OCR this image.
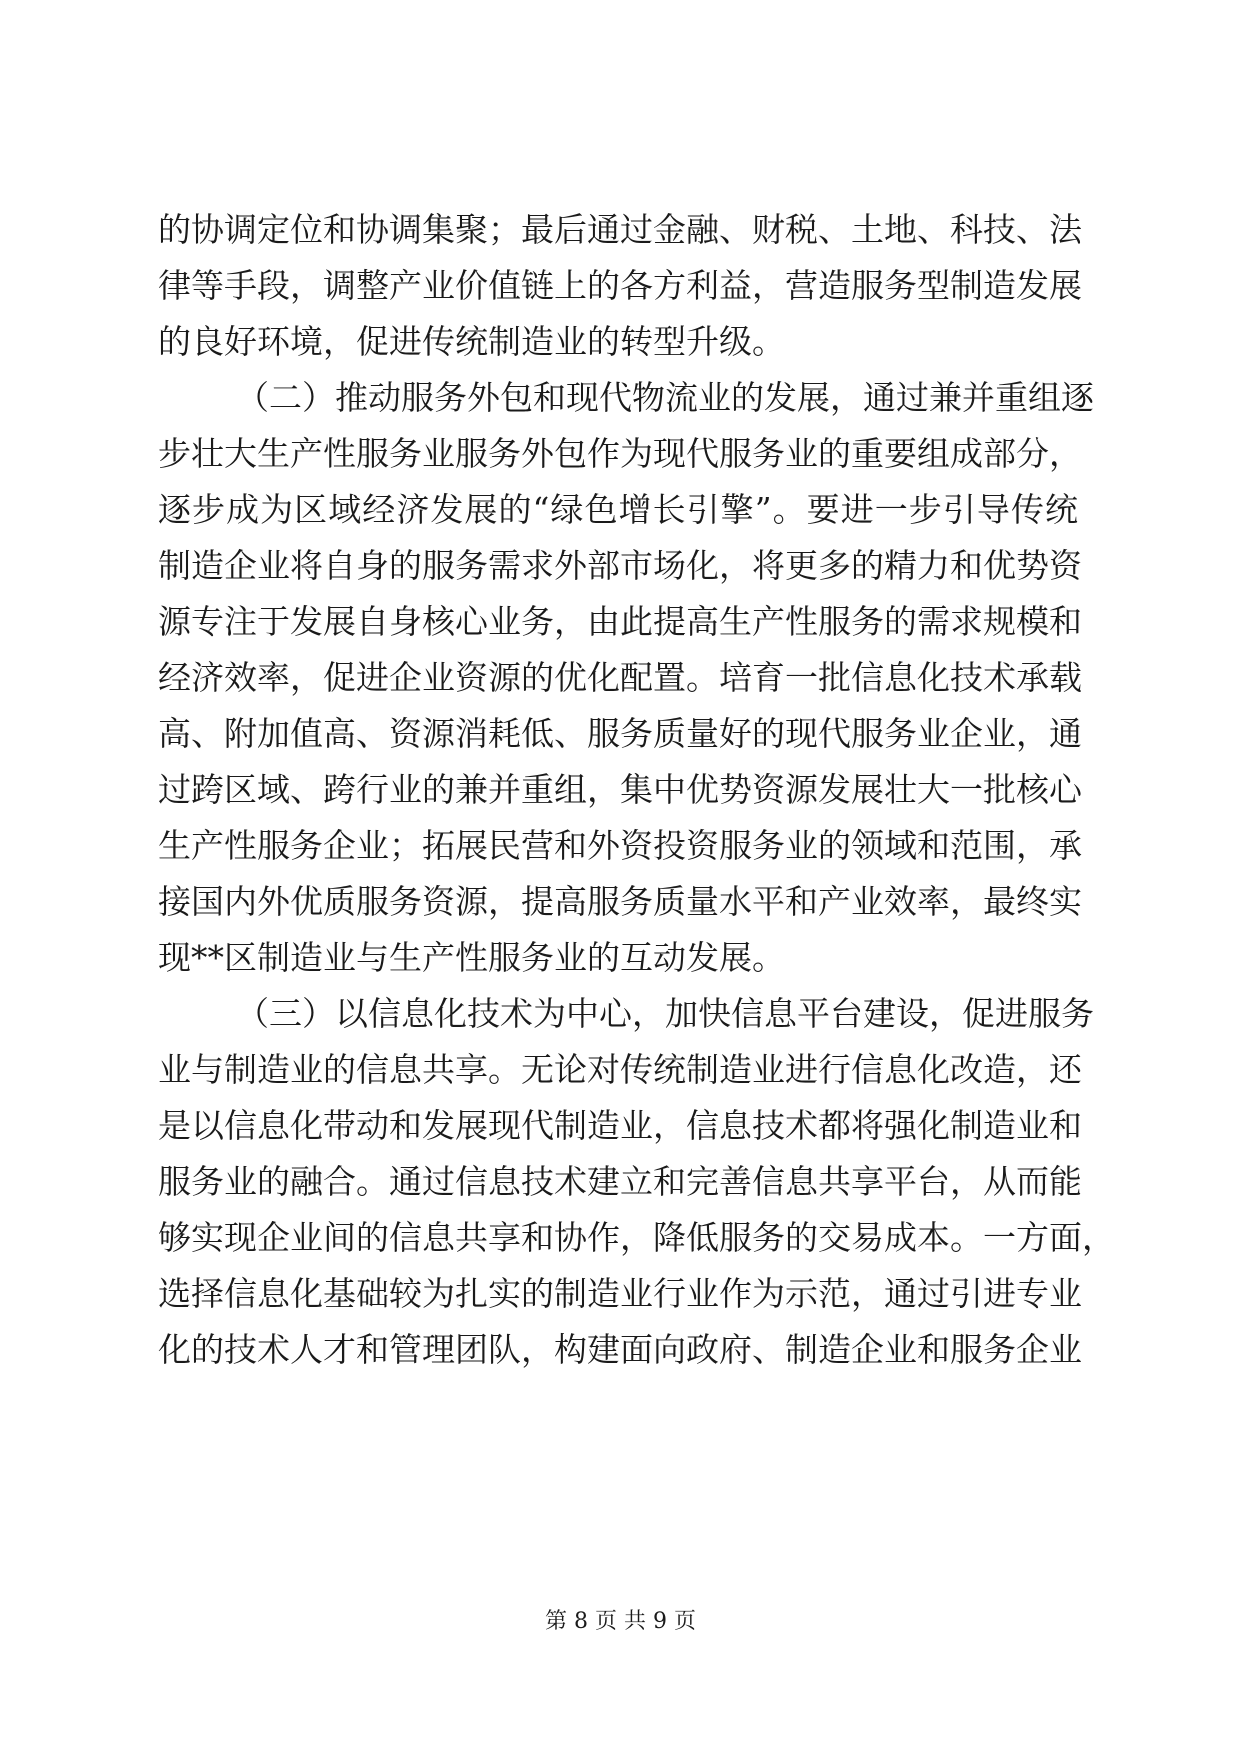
的协调定位和协调集聚；最后通过金融、财税、土地、科技、法
律等手段，调整产业价值链上的各方利益，营造服务型制造发展
的良好环境，促进传统制造业的转型升级。
（二）推动服务外包和现代物流业的发展，通过兼并重组逐
步壮大生产性服务业服务外包作为现代服务业的重要组成部分，
逐步成为区域经济发展的“绿色增长引擎”。要进一步引导传统
制造企业将自身的服务需求外部市场化，将更多的精力和优势资
源专注于发展自身核心业务，由此提高生产性服务的需求规模和
经济效率，促进企业资源的优化配置。培育一批信息化技术承载
高、附加值高、资源消耗低、服务质量好的现代服务业企业，通
过跨区域、跨行业的兼并重组，集中优势资源发展壮大一批核心
生产性服务企业；拓展民营和外资投资服务业的领域和范围，承
接国内外优质服务资源，提高服务质量水平和产业效率，最终实
现**区制造业与生产性服务业的互动发展。
（三）以信息化技术为中心，加快信息平台建设，促进服务
业与制造业的信息共享。无论对传统制造业进行信息化改造，还
是以信息化带动和发展现代制造业，信息技术都将强化制造业和
服务业的融合。通过信息技术建立和完善信息共享平台，从而能
够实现企业间的信息共享和协作，降低服务的交易成本。一方面，
选择信息化基础较为扎实的制造业行业作为示范，通过引进专业
化的技术人才和管理团队，构建面向政府、制造企业和服务企业
第 8 页 共 9 页
